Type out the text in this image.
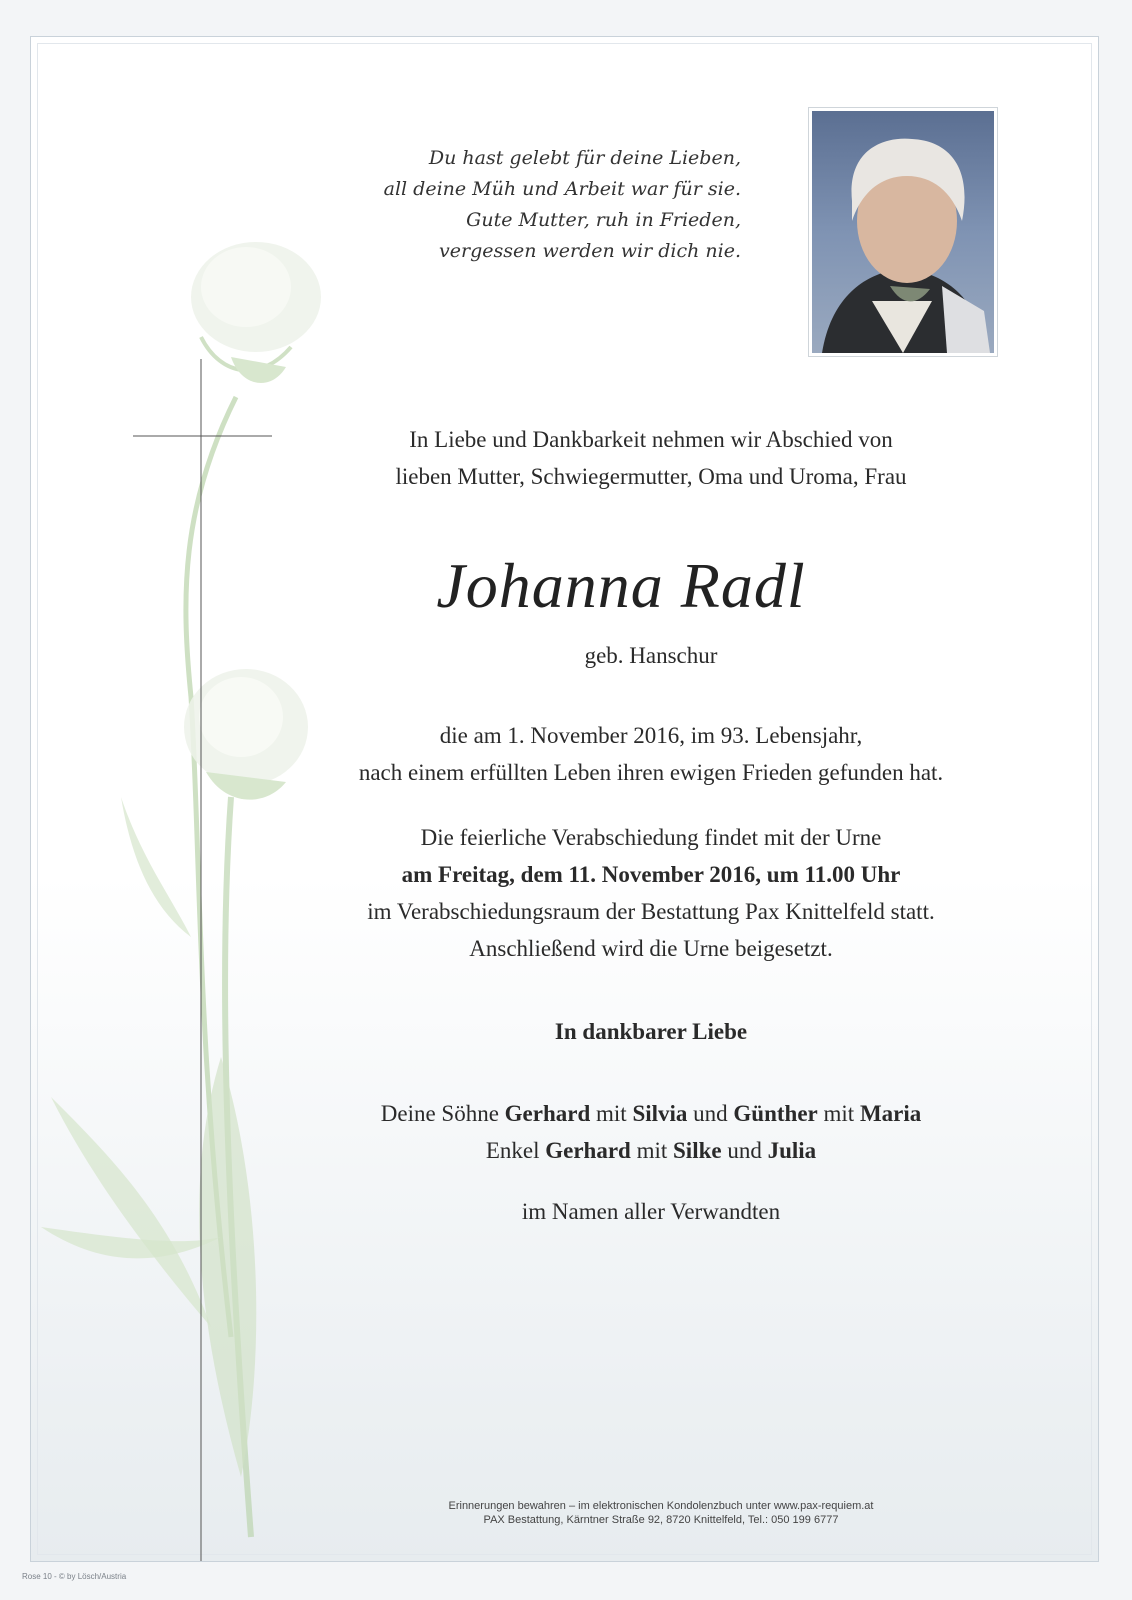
Du hast gelebt für deine Lieben,
all deine Müh und Arbeit war für sie.
Gute Mutter, ruh in Frieden,
vergessen werden wir dich nie.
In Liebe und Dankbarkeit nehmen wir Abschied von
lieben Mutter, Schwiegermutter, Oma und Uroma, Frau
Johanna Radl
geb. Hanschur
die am 1. November 2016, im 93. Lebensjahr,
nach einem erfüllten Leben ihren ewigen Frieden gefunden hat.
Die feierliche Verabschiedung findet mit der Urne
am Freitag, dem 11. November 2016, um 11.00 Uhr
im Verabschiedungsraum der Bestattung Pax Knittelfeld statt.
Anschließend wird die Urne beigesetzt.
In dankbarer Liebe
Deine Söhne Gerhard mit Silvia und Günther mit Maria
Enkel Gerhard mit Silke und Julia
im Namen aller Verwandten
Erinnerungen bewahren – im elektronischen Kondolenzbuch unter www.pax-requiem.at
PAX Bestattung, Kärntner Straße 92, 8720 Knittelfeld, Tel.: 050 199 6777
Rose 10 - © by Lösch/Austria
